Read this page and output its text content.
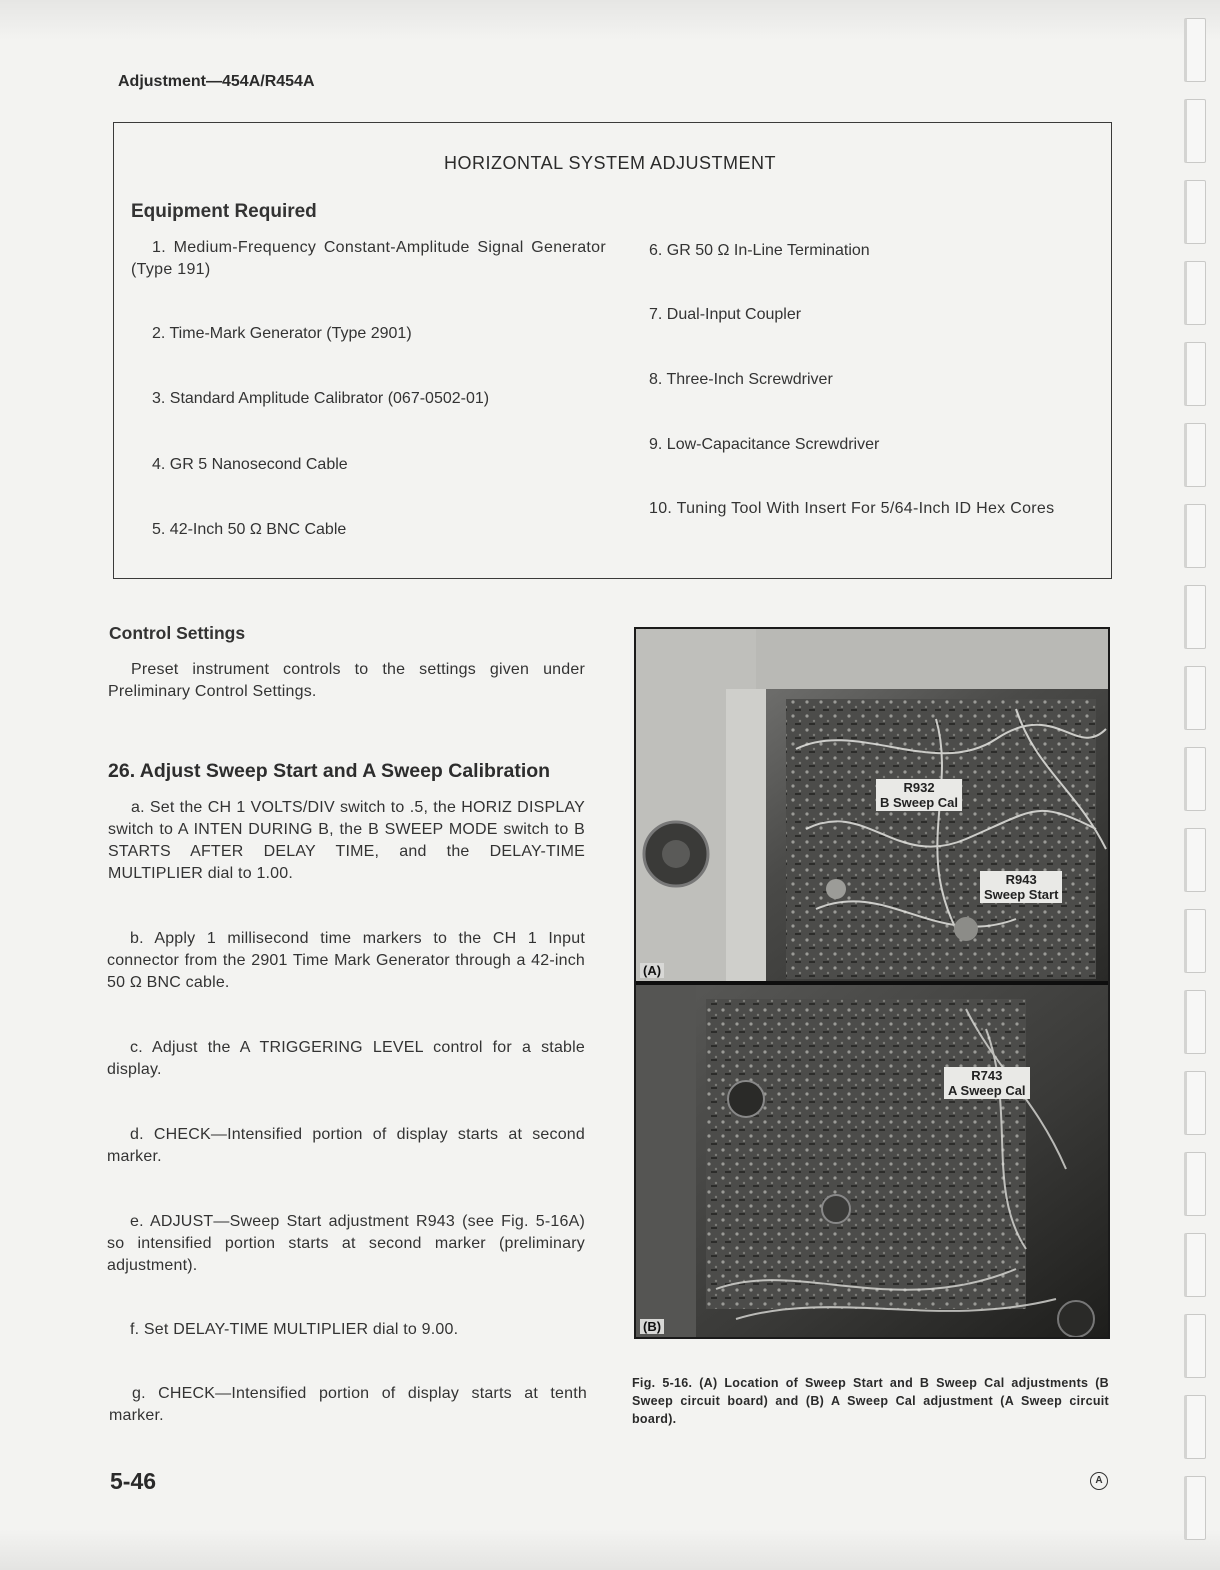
Adjustment—454A/R454A
HORIZONTAL SYSTEM ADJUSTMENT
Equipment Required
1. Medium-Frequency Constant-Amplitude Signal Generator (Type 191)
2. Time-Mark Generator (Type 2901)
3. Standard Amplitude Calibrator (067-0502-01)
4. GR 5 Nanosecond Cable
5. 42-Inch 50 Ω BNC Cable
6. GR 50 Ω In-Line Termination
7. Dual-Input Coupler
8. Three-Inch Screwdriver
9. Low-Capacitance Screwdriver
10. Tuning Tool With Insert For 5/64-Inch ID Hex Cores
Control Settings
Preset instrument controls to the settings given under Preliminary Control Settings.
26. Adjust Sweep Start and A Sweep Calibration
a. Set the CH 1 VOLTS/DIV switch to .5, the HORIZ DISPLAY switch to A INTEN DURING B, the B SWEEP MODE switch to B STARTS AFTER DELAY TIME, and the DELAY-TIME MULTIPLIER dial to 1.00.
b. Apply 1 millisecond time markers to the CH 1 Input connector from the 2901 Time Mark Generator through a 42-inch 50 Ω BNC cable.
c. Adjust the A TRIGGERING LEVEL control for a stable display.
d. CHECK—Intensified portion of display starts at second marker.
e. ADJUST—Sweep Start adjustment R943 (see Fig. 5-16A) so intensified portion starts at second marker (preliminary adjustment).
f. Set DELAY-TIME MULTIPLIER dial to 9.00.
g. CHECK—Intensified portion of display starts at tenth marker.
R932
B Sweep Cal
R943
Sweep Start
R743
A Sweep Cal
(A)
(B)
Fig. 5-16. (A) Location of Sweep Start and B Sweep Cal adjustments (B Sweep circuit board) and (B) A Sweep Cal adjustment (A Sweep circuit board).
5-46	A
